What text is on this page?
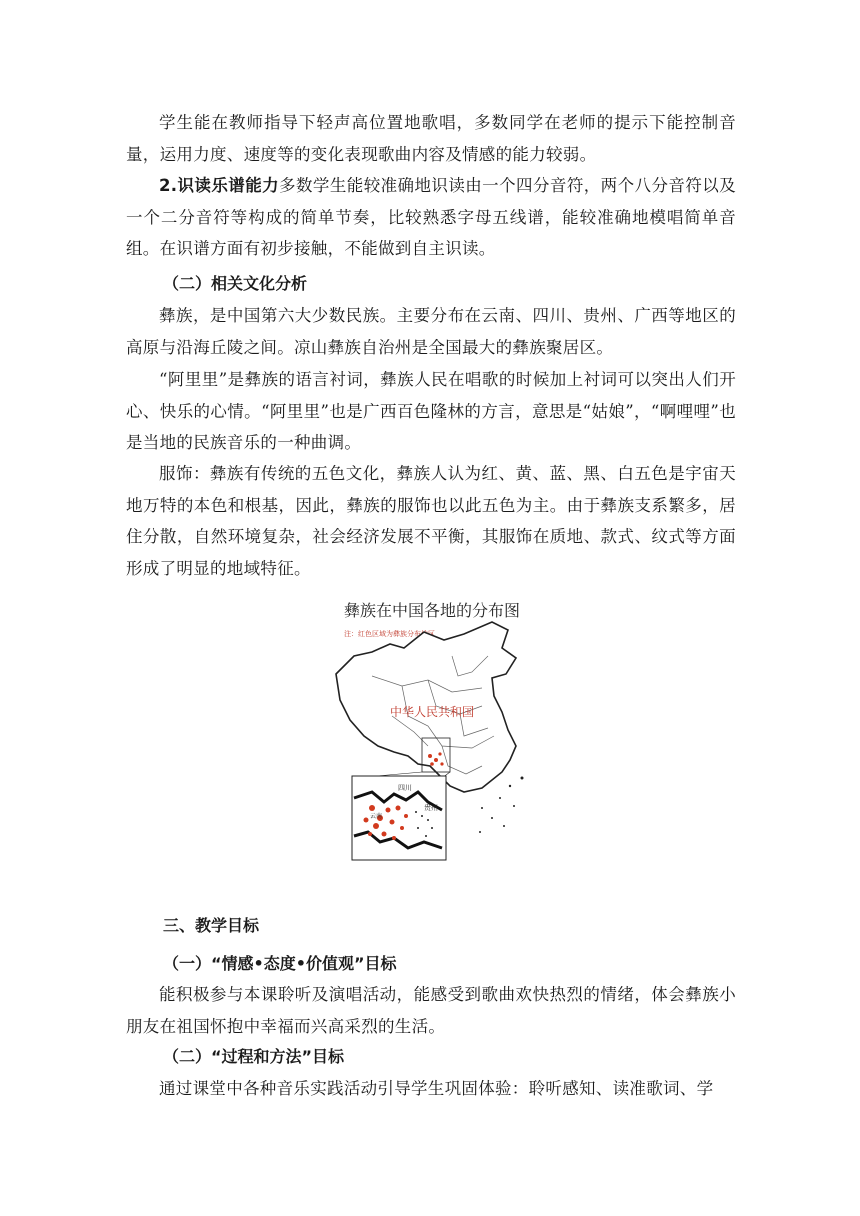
学生能在教师指导下轻声高位置地歌唱，多数同学在老师的提示下能控制音量，运用力度、速度等的变化表现歌曲内容及情感的能力较弱。

2.识读乐谱能力多数学生能较准确地识读由一个四分音符，两个八分音符以及一个二分音符等构成的简单节奏，比较熟悉字母五线谱，能较准确地模唱简单音组。在识谱方面有初步接触，不能做到自主识读。

（二）相关文化分析

彝族，是中国第六大少数民族。主要分布在云南、四川、贵州、广西等地区的高原与沿海丘陵之间。凉山彝族自治州是全国最大的彝族聚居区。

“阿里里”是彝族的语言衬词，彝族人民在唱歌的时候加上衬词可以突出人们开心、快乐的心情。“阿里里”也是广西百色隆林的方言，意思是“姑娘”，“啊哩哩”也是当地的民族音乐的一种曲调。

服饰：彝族有传统的五色文化，彝族人认为红、黄、蓝、黑、白五色是宇宙天地万特的本色和根基，因此，彝族的服饰也以此五色为主。由于彝族支系繁多，居住分散，自然环境复杂，社会经济发展不平衡，其服饰在质地、款式、纹式等方面形成了明显的地域特征。

彝族在中国各地的分布图
注：红色区域为彝族分布地区
中华人民共和国
四川
贵州
云南

三、教学目标

（一）“情感•态度•价值观”目标

能积极参与本课聆听及演唱活动，能感受到歌曲欢快热烈的情绪，体会彝族小朋友在祖国怀抱中幸福而兴高采烈的生活。

（二）“过程和方法”目标

通过课堂中各种音乐实践活动引导学生巩固体验：聆听感知、读准歌词、学
